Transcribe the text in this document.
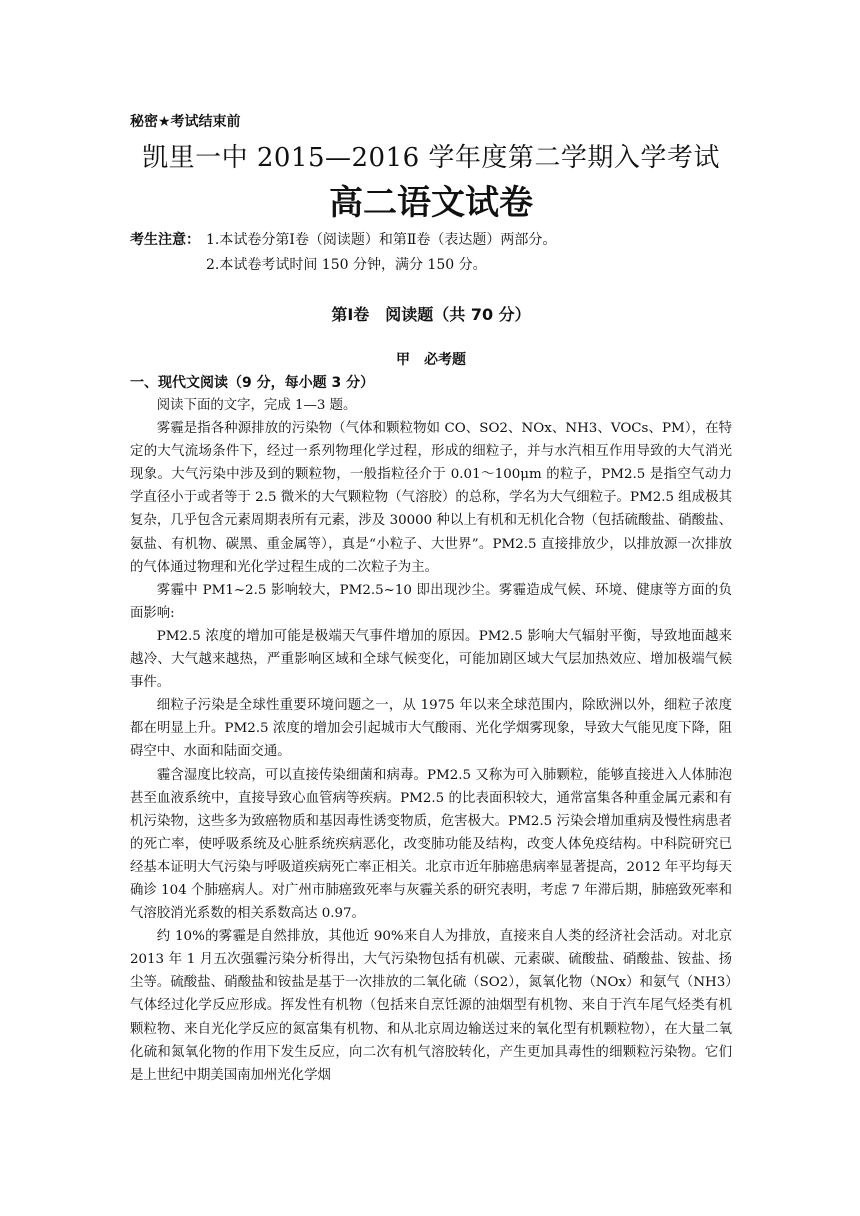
秘密★考试结束前
凯里一中 2015—2016 学年度第二学期入学考试
高二语文试卷
考生注意： 1.本试卷分第Ⅰ卷（阅读题）和第Ⅱ卷（表达题）两部分。
2.本试卷考试时间 150 分钟，满分 150 分。
第Ⅰ卷　阅读题（共 70 分）
甲　必考题
一、现代文阅读（9 分，每小题 3 分）

阅读下面的文字，完成 1—3 题。

雾霾是指各种源排放的污染物（气体和颗粒物如 CO、SO2、NOx、NH3、VOCs、PM），在特定的大气流场条件下，经过一系列物理化学过程，形成的细粒子，并与水汽相互作用导致的大气消光现象。大气污染中涉及到的颗粒物，一般指粒径介于 0.01～100μm 的粒子，PM2.5 是指空气动力学直径小于或者等于 2.5 微米的大气颗粒物（气溶胶）的总称，学名为大气细粒子。PM2.5 组成极其复杂，几乎包含元素周期表所有元素，涉及 30000 种以上有机和无机化合物（包括硫酸盐、硝酸盐、氨盐、有机物、碳黑、重金属等），真是“小粒子、大世界”。PM2.5 直接排放少，以排放源一次排放的气体通过物理和光化学过程生成的二次粒子为主。

雾霾中 PM1~2.5 影响较大，PM2.5~10 即出现沙尘。雾霾造成气候、环境、健康等方面的负面影响:

PM2.5 浓度的增加可能是极端天气事件增加的原因。PM2.5 影响大气辐射平衡，导致地面越来越冷、大气越来越热，严重影响区域和全球气候变化，可能加剧区域大气层加热效应、增加极端气候事件。

细粒子污染是全球性重要环境问题之一，从 1975 年以来全球范围内，除欧洲以外，细粒子浓度都在明显上升。PM2.5 浓度的增加会引起城市大气酸雨、光化学烟雾现象，导致大气能见度下降，阻碍空中、水面和陆面交通。

霾含湿度比较高，可以直接传染细菌和病毒。PM2.5 又称为可入肺颗粒，能够直接进入人体肺泡甚至血液系统中，直接导致心血管病等疾病。PM2.5 的比表面积较大，通常富集各种重金属元素和有机污染物，这些多为致癌物质和基因毒性诱变物质，危害极大。PM2.5 污染会增加重病及慢性病患者的死亡率，使呼吸系统及心脏系统疾病恶化，改变肺功能及结构，改变人体免疫结构。中科院研究已经基本证明大气污染与呼吸道疾病死亡率正相关。北京市近年肺癌患病率显著提高，2012 年平均每天确诊 104 个肺癌病人。对广州市肺癌致死率与灰霾关系的研究表明，考虑 7 年滞后期，肺癌致死率和气溶胶消光系数的相关系数高达 0.97。

约 10%的雾霾是自然排放，其他近 90%来自人为排放，直接来自人类的经济社会活动。对北京 2013 年 1 月五次强霾污染分析得出，大气污染物包括有机碳、元素碳、硫酸盐、硝酸盐、铵盐、扬尘等。硫酸盐、硝酸盐和铵盐是基于一次排放的二氧化硫（SO2），氮氧化物（NOx）和氨气（NH3）气体经过化学反应形成。挥发性有机物（包括来自烹饪源的油烟型有机物、来自于汽车尾气烃类有机颗粒物、来自光化学反应的氮富集有机物、和从北京周边输送过来的氧化型有机颗粒物），在大量二氧化硫和氮氧化物的作用下发生反应，向二次有机气溶胶转化，产生更加具毒性的细颗粒污染物。它们是上世纪中期美国南加州光化学烟
